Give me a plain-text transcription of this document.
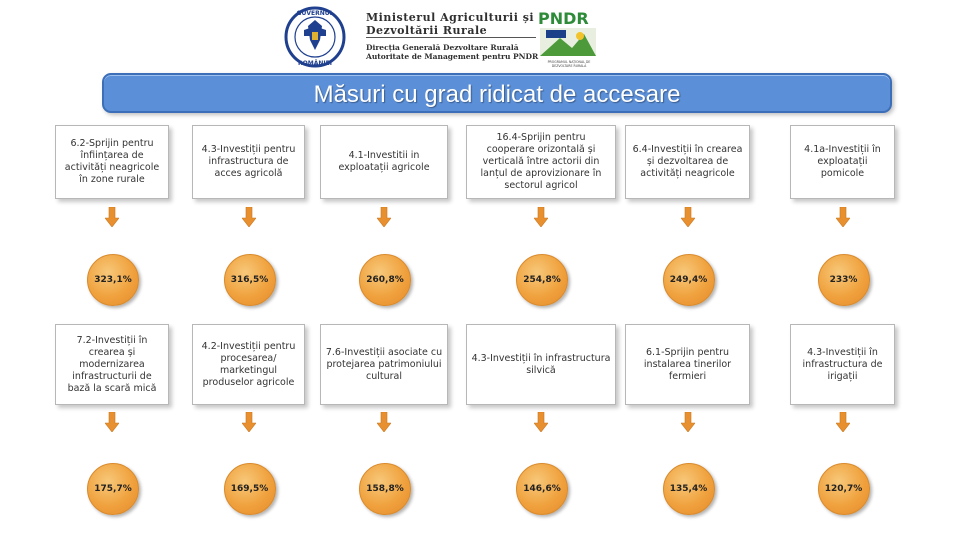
GUVERNUL
ROMÂNIEI
Ministerul Agriculturii și
Dezvoltării Rurale
Direcția Generală Dezvoltare Rurală
Autoritate de Management pentru PNDR
PNDR
PROGRAMUL NAȚIONAL DE
DEZVOLTARE RURALĂ
Măsuri cu grad ridicat de accesare
6.2-Sprijin pentru înființarea de activități neagricole în zone rurale
323,1%
4.3-Investiții pentru infrastructura de acces agricolă
316,5%
4.1-Investitii in exploatații agricole
260,8%
16.4-Sprijin pentru cooperare orizontală și verticală între actorii din lanțul de aprovizionare în sectorul agricol
254,8%
6.4-Investiții în crearea și dezvoltarea de activități neagricole
249,4%
4.1a-Investiții în exploatații pomicole
233%
7.2-Investiții în crearea și modernizarea infrastructurii de bază la scară mică
175,7%
4.2-Investiții pentru procesarea/ marketingul produselor agricole
169,5%
7.6-Investiții asociate cu protejarea patrimoniului cultural
158,8%
4.3-Investiții în infrastructura silvică
146,6%
6.1-Sprijin pentru instalarea tinerilor fermieri
135,4%
4.3-Investiții în infrastructura de irigații
120,7%
